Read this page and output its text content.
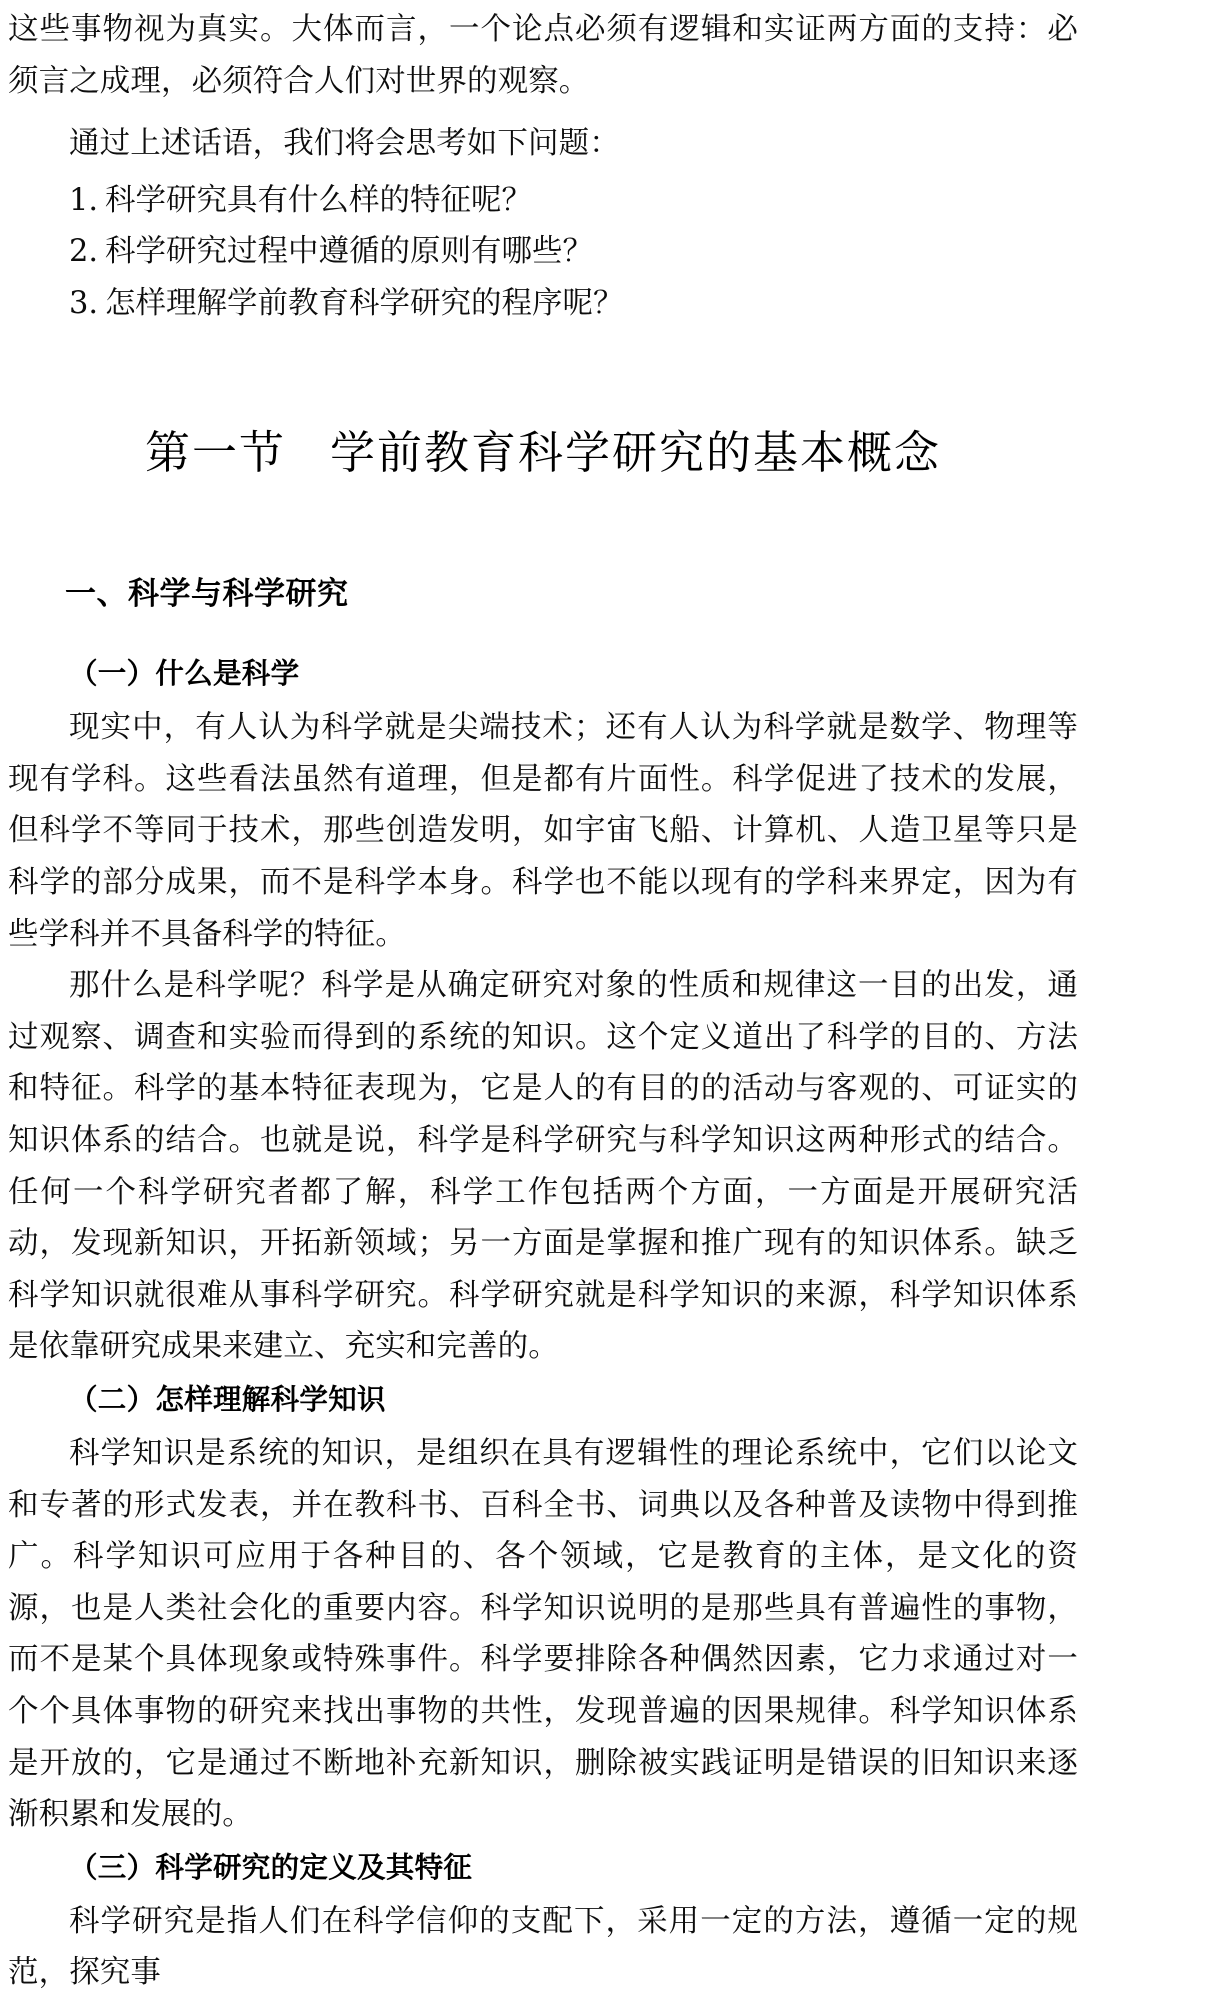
这些事物视为真实。大体而言，一个论点必须有逻辑和实证两方面的支持：必须言之成理，必须符合人们对世界的观察。

通过上述话语，我们将会思考如下问题：

1. 科学研究具有什么样的特征呢？
2. 科学研究过程中遵循的原则有哪些？
3. 怎样理解学前教育科学研究的程序呢？
第一节 学前教育科学研究的基本概念
一、科学与科学研究
（一）什么是科学

现实中，有人认为科学就是尖端技术；还有人认为科学就是数学、物理等现有学科。这些看法虽然有道理，但是都有片面性。科学促进了技术的发展，但科学不等同于技术，那些创造发明，如宇宙飞船、计算机、人造卫星等只是科学的部分成果，而不是科学本身。科学也不能以现有的学科来界定，因为有些学科并不具备科学的特征。

那什么是科学呢？科学是从确定研究对象的性质和规律这一目的出发，通过观察、调查和实验而得到的系统的知识。这个定义道出了科学的目的、方法和特征。科学的基本特征表现为，它是人的有目的的活动与客观的、可证实的知识体系的结合。也就是说，科学是科学研究与科学知识这两种形式的结合。任何一个科学研究者都了解，科学工作包括两个方面，一方面是开展研究活动，发现新知识，开拓新领域；另一方面是掌握和推广现有的知识体系。缺乏科学知识就很难从事科学研究。科学研究就是科学知识的来源，科学知识体系是依靠研究成果来建立、充实和完善的。

（二）怎样理解科学知识

科学知识是系统的知识，是组织在具有逻辑性的理论系统中，它们以论文和专著的形式发表，并在教科书、百科全书、词典以及各种普及读物中得到推广。科学知识可应用于各种目的、各个领域，它是教育的主体，是文化的资源，也是人类社会化的重要内容。科学知识说明的是那些具有普遍性的事物，而不是某个具体现象或特殊事件。科学要排除各种偶然因素，它力求通过对一个个具体事物的研究来找出事物的共性，发现普遍的因果规律。科学知识体系是开放的，它是通过不断地补充新知识，删除被实践证明是错误的旧知识来逐渐积累和发展的。

（三）科学研究的定义及其特征

科学研究是指人们在科学信仰的支配下，采用一定的方法，遵循一定的规范，探究事
